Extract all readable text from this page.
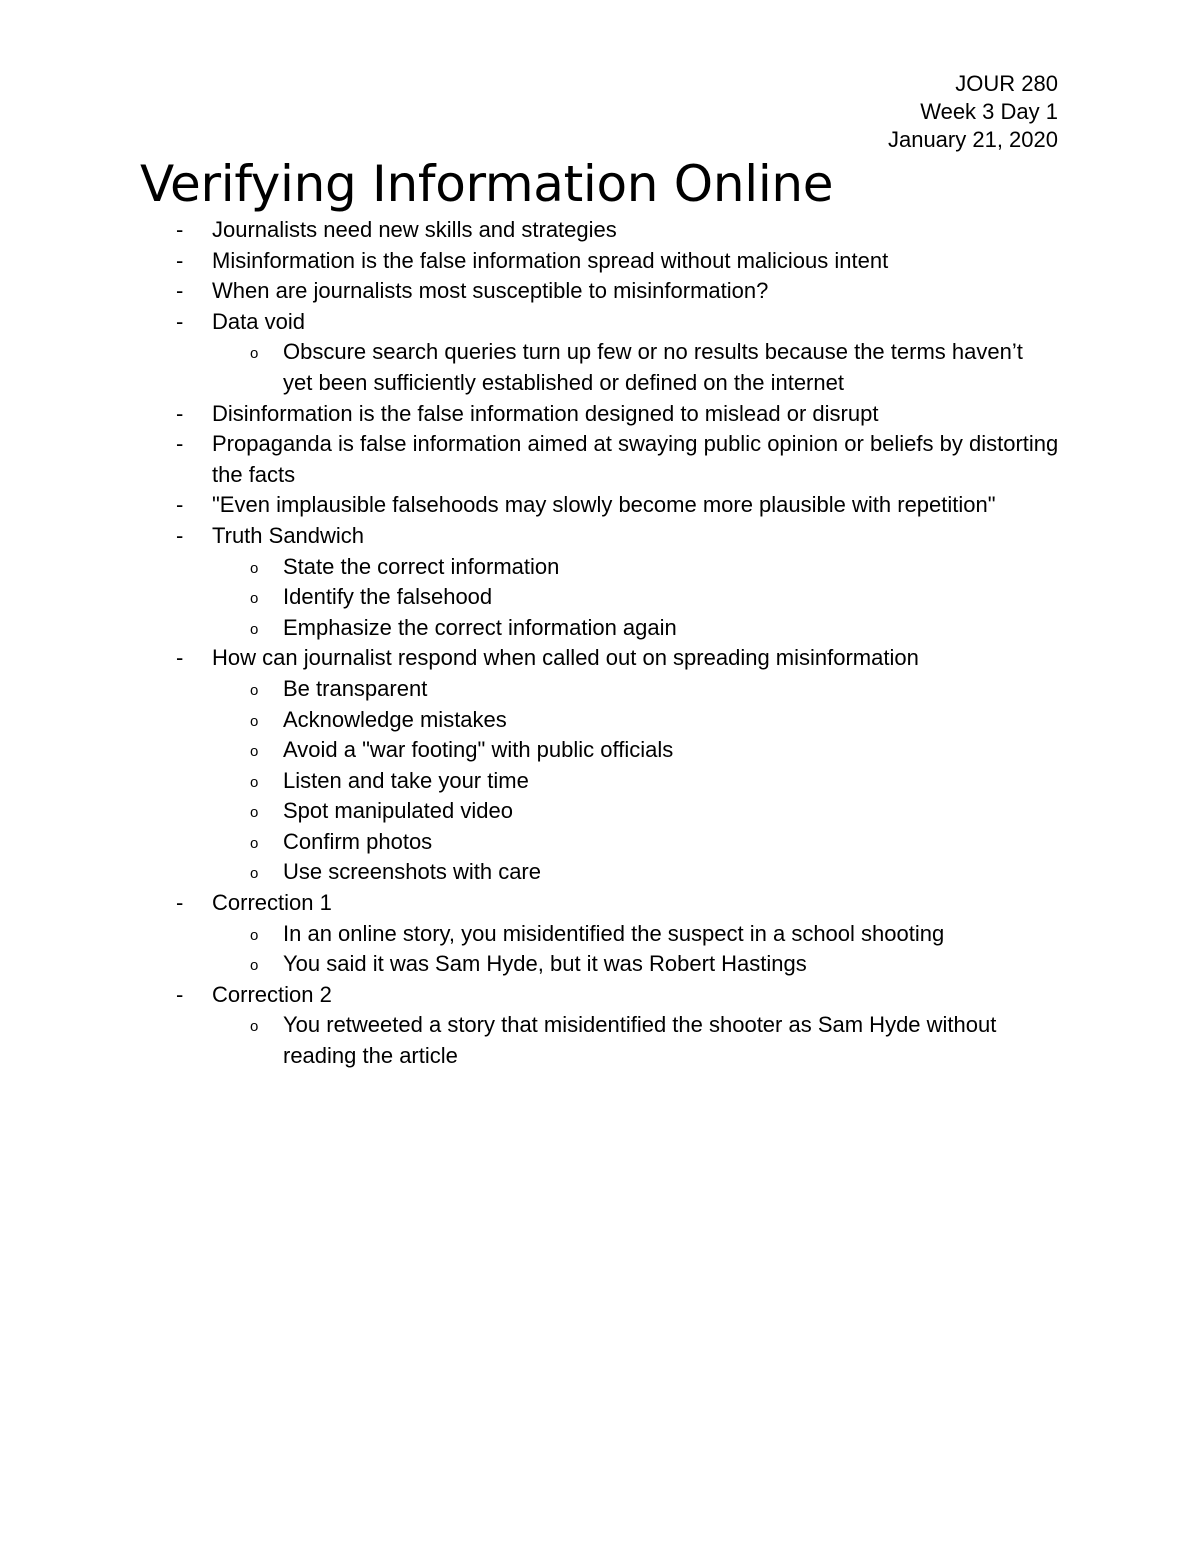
JOUR 280
Week 3 Day 1
January 21, 2020
Verifying Information Online
- Journalists need new skills and strategies
- Misinformation is the false information spread without malicious intent
- When are journalists most susceptible to misinformation?
- Data void
o Obscure search queries turn up few or no results because the terms haven’t yet been sufficiently established or defined on the internet
- Disinformation is the false information designed to mislead or disrupt
- Propaganda is false information aimed at swaying public opinion or beliefs by distorting the facts
- "Even implausible falsehoods may slowly become more plausible with repetition"
- Truth Sandwich
o State the correct information
o Identify the falsehood
o Emphasize the correct information again
- How can journalist respond when called out on spreading misinformation
o Be transparent
o Acknowledge mistakes
o Avoid a "war footing" with public officials
o Listen and take your time
o Spot manipulated video
o Confirm photos
o Use screenshots with care
- Correction 1
o In an online story, you misidentified the suspect in a school shooting
o You said it was Sam Hyde, but it was Robert Hastings
- Correction 2
o You retweeted a story that misidentified the shooter as Sam Hyde without reading the article
